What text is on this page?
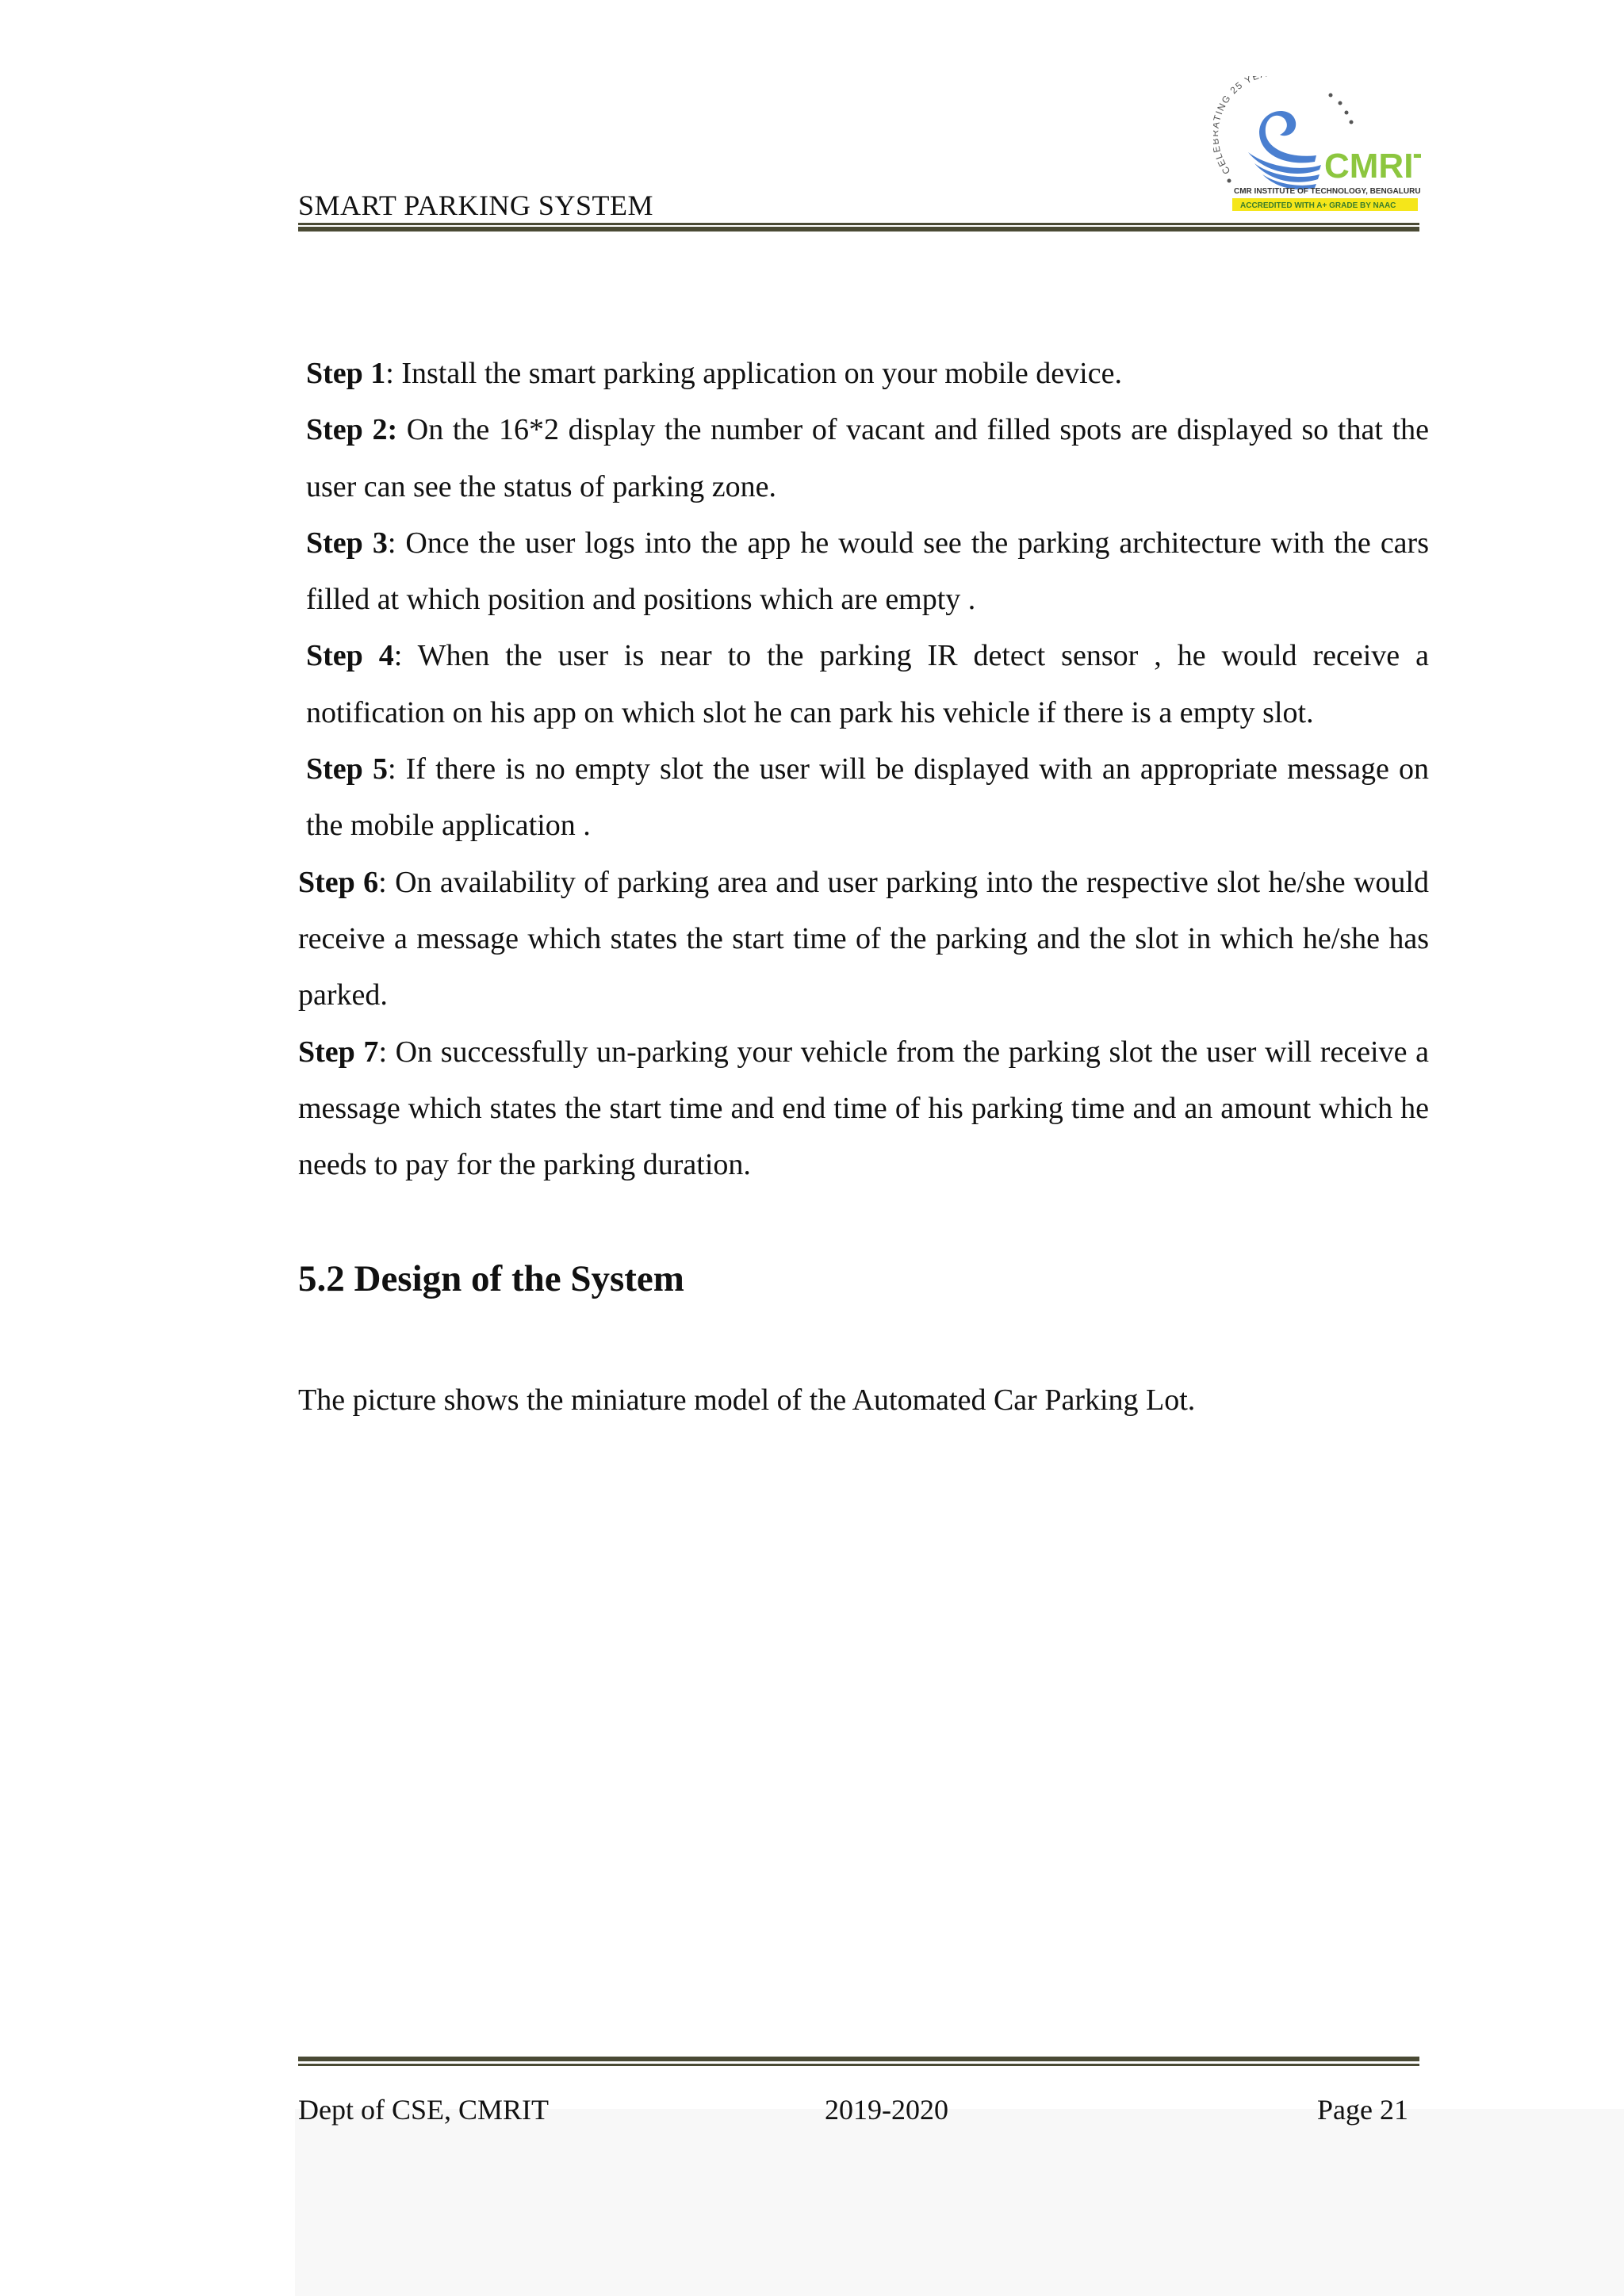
SMART PARKING SYSTEM
CEL ING 25 YE
CMRI
CMR INSTITUTE OF TECHNOLOGY, BENGALURU.
ACCREDITED WITH A+ GRADE BY NAAC

Step 1: Install the smart parking application on your mobile device.

Step 2: On the 16*2 display the number of vacant and filled spots are displayed so that the user can see the status of parking zone.

Step 3: Once the user logs into the app he would see the parking architecture with the cars filled at which position and positions which are empty .

Step 4: When the user is near to the parking IR detect sensor , he would receive a notification on his app on which slot he can park his vehicle if there is a empty slot.

Step 5: If there is no empty slot the user will be displayed with an appropriate message on the mobile application .

Step 6: On availability of parking area and user parking into the respective slot he/she would receive a message which states the start time of the parking and the slot in which he/she has parked.

Step 7: On successfully un-parking your vehicle from the parking slot the user will receive a message which states the start time and end time of his parking time and an amount which he needs to pay for the parking duration.

5.2 Design of the System
The picture shows the miniature model of the Automated Car Parking Lot.
Dept of CSE, CMRIT	2019-2020	Page 21
